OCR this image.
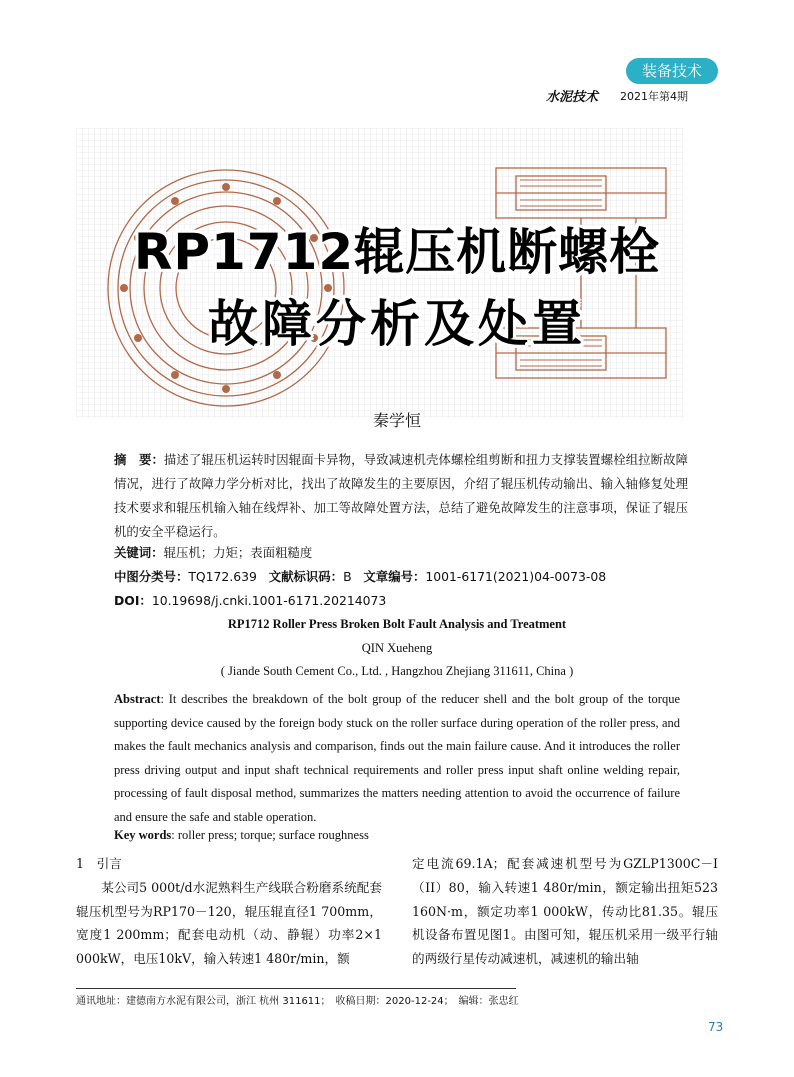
装备技术
水泥技术 2021年第4期
RP1712辊压机断螺栓
故障分析及处置
秦学恒
摘　要：描述了辊压机运转时因辊面卡异物，导致减速机壳体螺栓组剪断和扭力支撑装置螺栓组拉断故障情况，进行了故障力学分析对比，找出了故障发生的主要原因，介绍了辊压机传动输出、输入轴修复处理技术要求和辊压机输入轴在线焊补、加工等故障处置方法，总结了避免故障发生的注意事项，保证了辊压机的安全平稳运行。
关键词：辊压机；力矩；表面粗糙度
中图分类号：TQ172.639 文献标识码：B 文章编号：1001-6171(2021)04-0073-08
DOI：10.19698/j.cnki.1001-6171.20214073
RP1712 Roller Press Broken Bolt Fault Analysis and Treatment
QIN Xueheng
( Jiande South Cement Co., Ltd. , Hangzhou Zhejiang 311611, China )
Abstract: It describes the breakdown of the bolt group of the reducer shell and the bolt group of the torque supporting device caused by the foreign body stuck on the roller surface during operation of the roller press, and makes the fault mechanics analysis and comparison, finds out the main failure cause. And it introduces the roller press driving output and input shaft technical requirements and roller press input shaft online welding repair, processing of fault disposal method, summarizes the matters needing attention to avoid the occurrence of failure and ensure the safe and stable operation.
Key words: roller press; torque; surface roughness
1　引言
某公司5 000t/d水泥熟料生产线联合粉磨系统配套辊压机型号为RP170－120，辊压辊直径1 700mm，宽度1 200mm；配套电动机（动、静辊）功率2×1 000kW，电压10kV，输入转速1 480r/min，额
定电流69.1A；配套减速机型号为GZLP1300C－I（II）80，输入转速1 480r/min，额定输出扭矩523 160N·m，额定功率1 000kW，传动比81.35。辊压机设备布置见图1。由图可知，辊压机采用一级平行轴的两级行星传动减速机，减速机的输出轴
通讯地址：建德南方水泥有限公司，浙江 杭州 311611；　收稿日期：2020-12-24；　编辑：张忠红
73
